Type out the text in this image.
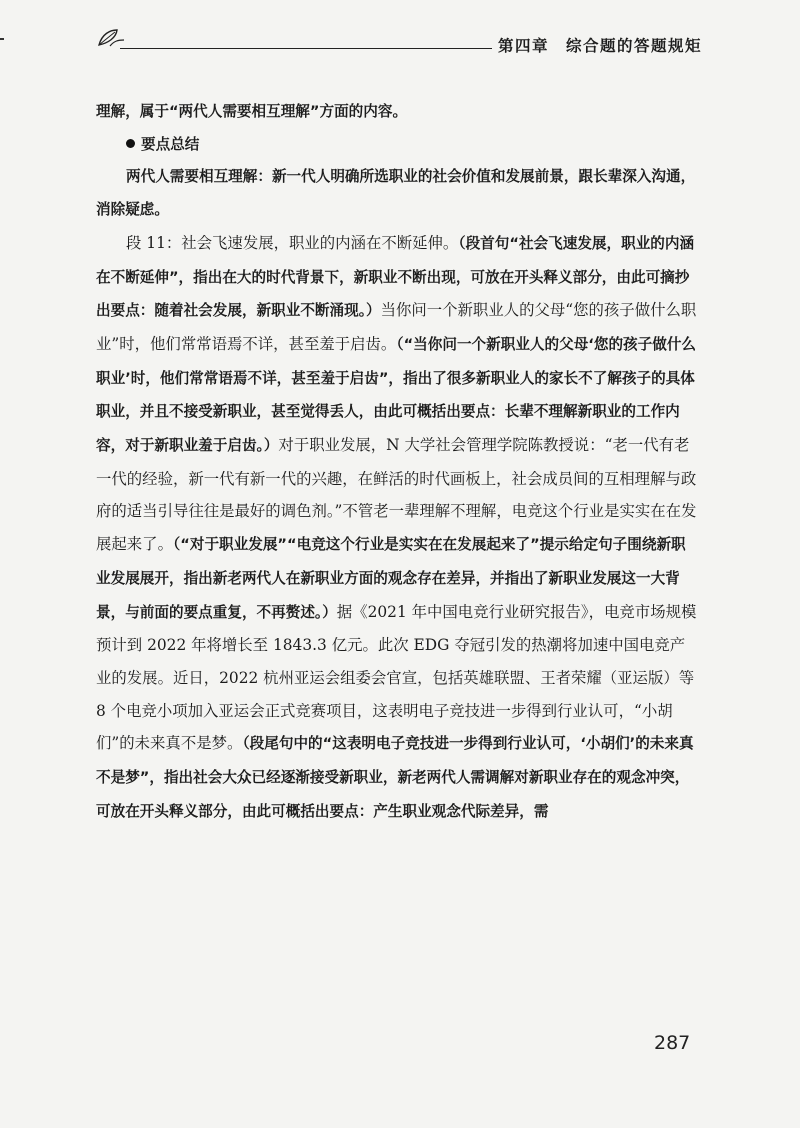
第四章　综合题的答题规矩

理解，属于“两代人需要相互理解”方面的内容。

要点总结

两代人需要相互理解：新一代人明确所选职业的社会价值和发展前景，跟长辈深入沟通，消除疑虑。

段 11：社会飞速发展，职业的内涵在不断延伸。（段首句“社会飞速发展，职业的内涵在不断延伸”，指出在大的时代背景下，新职业不断出现，可放在开头释义部分，由此可摘抄出要点：随着社会发展，新职业不断涌现。）当你问一个新职业人的父母“您的孩子做什么职业”时，他们常常语焉不详，甚至羞于启齿。（“当你问一个新职业人的父母‘您的孩子做什么职业’时，他们常常语焉不详，甚至羞于启齿”，指出了很多新职业人的家长不了解孩子的具体职业，并且不接受新职业，甚至觉得丢人，由此可概括出要点：长辈不理解新职业的工作内容，对于新职业羞于启齿。）对于职业发展，N 大学社会管理学院陈教授说：“老一代有老一代的经验，新一代有新一代的兴趣，在鲜活的时代画板上，社会成员间的互相理解与政府的适当引导往往是最好的调色剂。”不管老一辈理解不理解，电竞这个行业是实实在在发展起来了。（“对于职业发展”“电竞这个行业是实实在在发展起来了”提示给定句子围绕新职业发展展开，指出新老两代人在新职业方面的观念存在差异，并指出了新职业发展这一大背景，与前面的要点重复，不再赘述。）据《2021 年中国电竞行业研究报告》，电竞市场规模预计到 2022 年将增长至 1843.3 亿元。此次 EDG 夺冠引发的热潮将加速中国电竞产业的发展。近日，2022 杭州亚运会组委会官宣，包括英雄联盟、王者荣耀（亚运版）等 8 个电竞小项加入亚运会正式竞赛项目，这表明电子竞技进一步得到行业认可，“小胡们”的未来真不是梦。（段尾句中的“这表明电子竞技进一步得到行业认可，‘小胡们’的未来真不是梦”，指出社会大众已经逐渐接受新职业，新老两代人需调解对新职业存在的观念冲突，可放在开头释义部分，由此可概括出要点：产生职业观念代际差异，需

287
